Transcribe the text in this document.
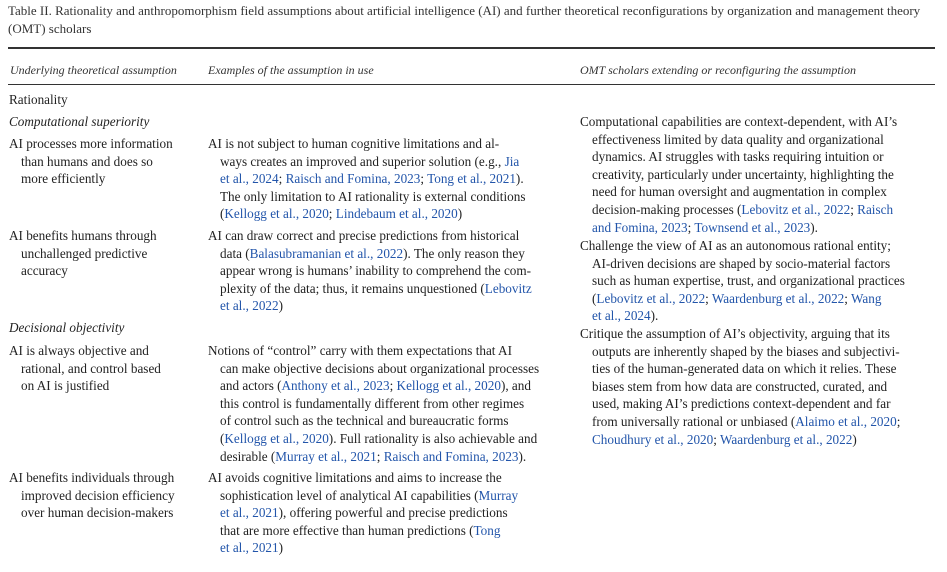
Table II. Rationality and anthropomorphism field assumptions about artificial intelligence (AI) and further theoretical reconfigurations by organization and management theory (OMT) scholars
Underlying theoretical assumption	Examples of the assumption in use	OMT scholars extending or reconfiguring the assumption
Rationality
Computational superiority
AI processes more information
than humans and does so
more efficiently
AI is not subject to human cognitive limitations and al-
ways creates an improved and superior solution (e.g., Jia
et al., 2024; Raisch and Fomina, 2023; Tong et al., 2021).
The only limitation to AI rationality is external conditions
(Kellogg et al., 2020; Lindebaum et al., 2020)
AI benefits humans through
unchallenged predictive
accuracy
AI can draw correct and precise predictions from historical
data (Balasubramanian et al., 2022). The only reason they
appear wrong is humans’ inability to comprehend the com-
plexity of the data; thus, it remains unquestioned (Lebovitz
et al., 2022)
Decisional objectivity
AI is always objective and
rational, and control based
on AI is justified
Notions of “control” carry with them expectations that AI
can make objective decisions about organizational processes
and actors (Anthony et al., 2023; Kellogg et al., 2020), and
this control is fundamentally different from other regimes
of control such as the technical and bureaucratic forms
(Kellogg et al., 2020). Full rationality is also achievable and
desirable (Murray et al., 2021; Raisch and Fomina, 2023).
AI benefits individuals through
improved decision efficiency
over human decision-makers
AI avoids cognitive limitations and aims to increase the
sophistication level of analytical AI capabilities (Murray
et al., 2021), offering powerful and precise predictions
that are more effective than human predictions (Tong
et al., 2021)
Computational capabilities are context-dependent, with AI’s
effectiveness limited by data quality and organizational
dynamics. AI struggles with tasks requiring intuition or
creativity, particularly under uncertainty, highlighting the
need for human oversight and augmentation in complex
decision-making processes (Lebovitz et al., 2022; Raisch
and Fomina, 2023; Townsend et al., 2023).
Challenge the view of AI as an autonomous rational entity;
AI-driven decisions are shaped by socio-material factors
such as human expertise, trust, and organizational practices
(Lebovitz et al., 2022; Waardenburg et al., 2022; Wang
et al., 2024).
Critique the assumption of AI’s objectivity, arguing that its
outputs are inherently shaped by the biases and subjectivi-
ties of the human-generated data on which it relies. These
biases stem from how data are constructed, curated, and
used, making AI’s predictions context-dependent and far
from universally rational or unbiased (Alaimo et al., 2020;
Choudhury et al., 2020; Waardenburg et al., 2022)
